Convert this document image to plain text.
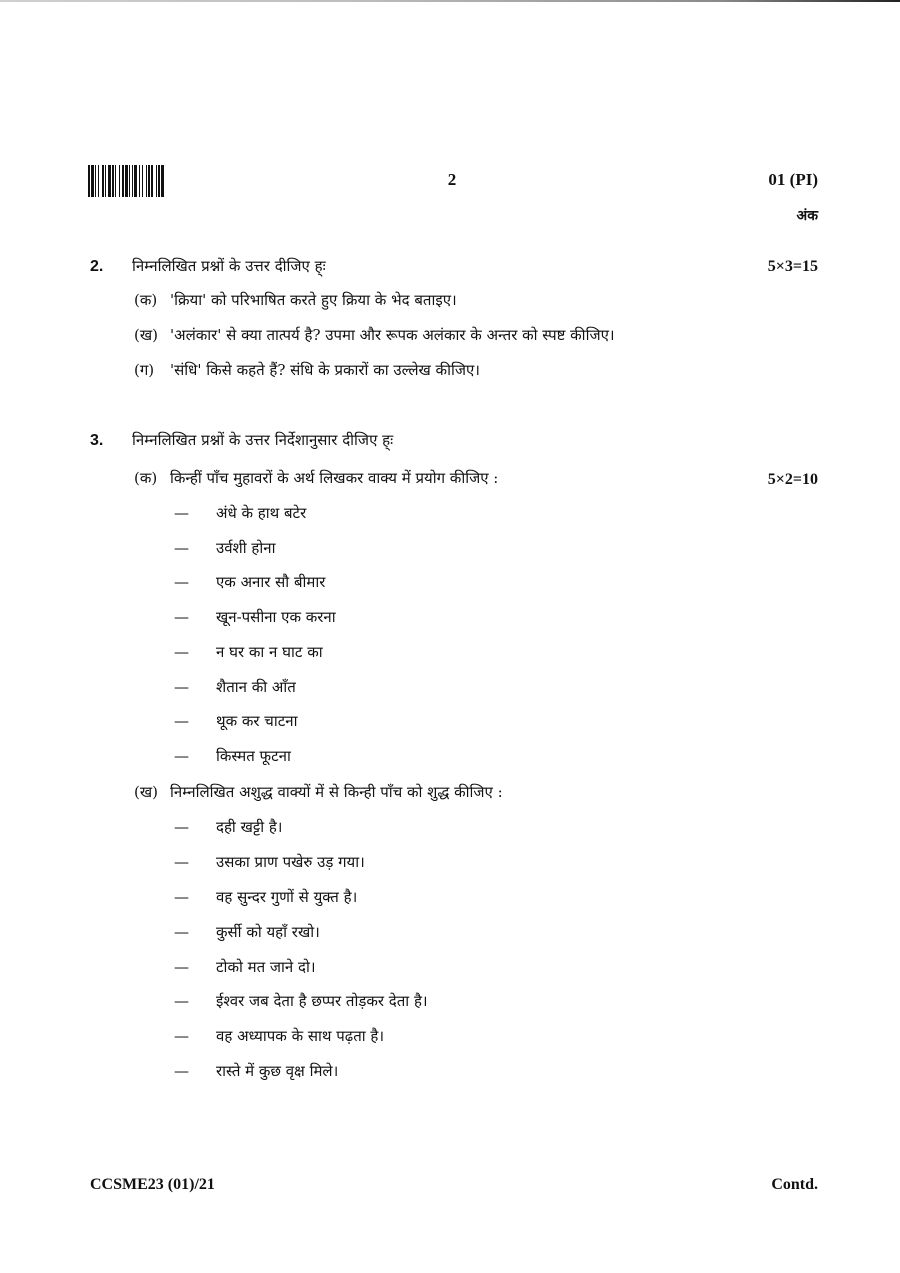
2	01 (PI)
अंक
2. निम्नलिखित प्रश्नों के उत्तर दीजिए ह्ः	5×3=15
(क) 'क्रिया' को परिभाषित करते हुए क्रिया के भेद बताइए।
(ख) 'अलंकार' से क्या तात्पर्य है? उपमा और रूपक अलंकार के अन्तर को स्पष्ट कीजिए।
(ग) 'संधि' किसे कहते हैं? संधि के प्रकारों का उल्लेख कीजिए।
3. निम्नलिखित प्रश्नों के उत्तर निर्देशानुसार दीजिए ह्ः
(क) किन्हीं पाँच मुहावरों के अर्थ लिखकर वाक्य में प्रयोग कीजिए :	5×2=10
— अंधे के हाथ बटेर
— उर्वशी होना
— एक अनार सौ बीमार
— खून-पसीना एक करना
— न घर का न घाट का
— शैतान की आँत
— थूक कर चाटना
— किस्मत फूटना
(ख) निम्नलिखित अशुद्ध वाक्यों में से किन्ही पाँच को शुद्ध कीजिए :
— दही खट्टी है।
— उसका प्राण पखेरु उड़ गया।
— वह सुन्दर गुणों से युक्त है।
— कुर्सी को यहाँ रखो।
— टोको मत जाने दो।
— ईश्वर जब देता है छप्पर तोड़कर देता है।
— वह अध्यापक के साथ पढ़ता है।
— रास्ते में कुछ वृक्ष मिले।
CCSME23 (01)/21	Contd.
